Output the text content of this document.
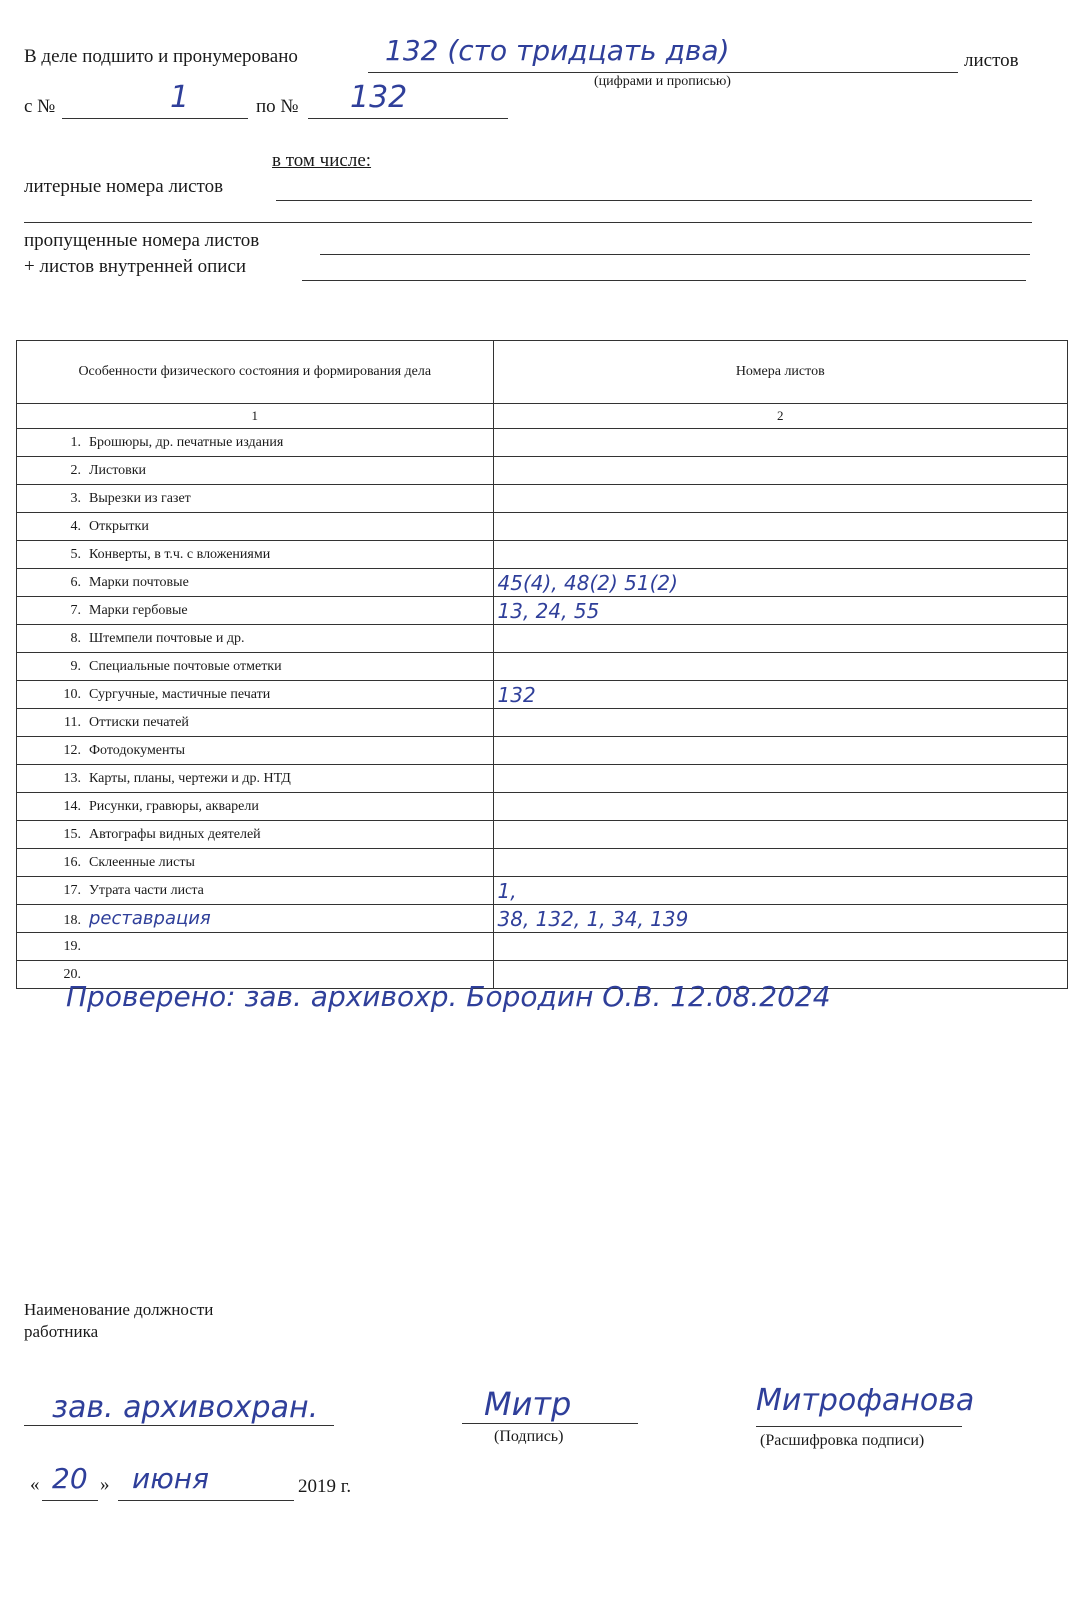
В деле подшито и пронумеровано	132 (сто тридцать два)	листов
(цифрами и прописью)
с №	1	по № 132
в том числе:
литерные номера листов
пропущенные номера листов
+ листов внутренней описи
Особенности физического состояния и формирования дела	Номера листов
1	2
1. Брошюры, др. печатные издания	
2. Листовки	
3. Вырезки из газет	
4. Открытки	
5. Конверты, в т.ч. с вложениями	
6. Марки почтовые	45(4), 48(2) 51(2)
7. Марки гербовые	13, 24, 55
8. Штемпели почтовые и др.	
9. Специальные почтовые отметки	
10. Сургучные, мастичные печати	132
11. Оттиски печатей	
12. Фотодокументы	
13. Карты, планы, чертежи и др. НТД	
14. Рисунки, гравюры, акварели	
15. Автографы видных деятелей	
16. Склеенные листы	
17. Утрата части листа	1,
18. реставрация	38, 132, 1, 34, 139
19.	
20.	
Проверено: зав. архивохр. Бородин О.В. 12.08.2024
Наименование должности
работника
зав. архивохран.	Митр
(Подпись)
Митрофанова
(Расшифровка подписи)
« 20 » июня	2019 г.
